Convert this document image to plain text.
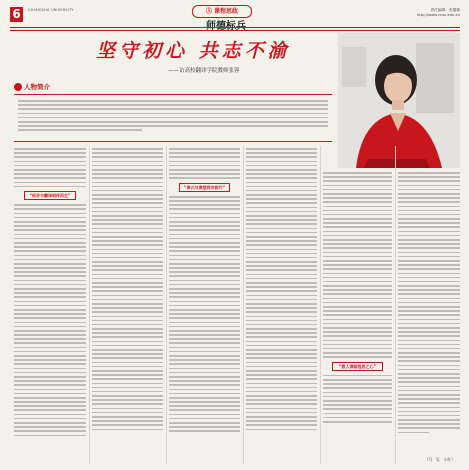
6	CHANGSHA UNIVERSITY	⑤ 课程思政
师德标兵
责任编辑：张馨颖
http://www.ccsu.edu.cn
坚守初心 共志不渝
——访高校翻译学院教师张蓉
人物简介
“经济与翻译相伴而生”
“育兴与课堂同步前行”
“教人课路程思之心”
（马　吴　小红）
